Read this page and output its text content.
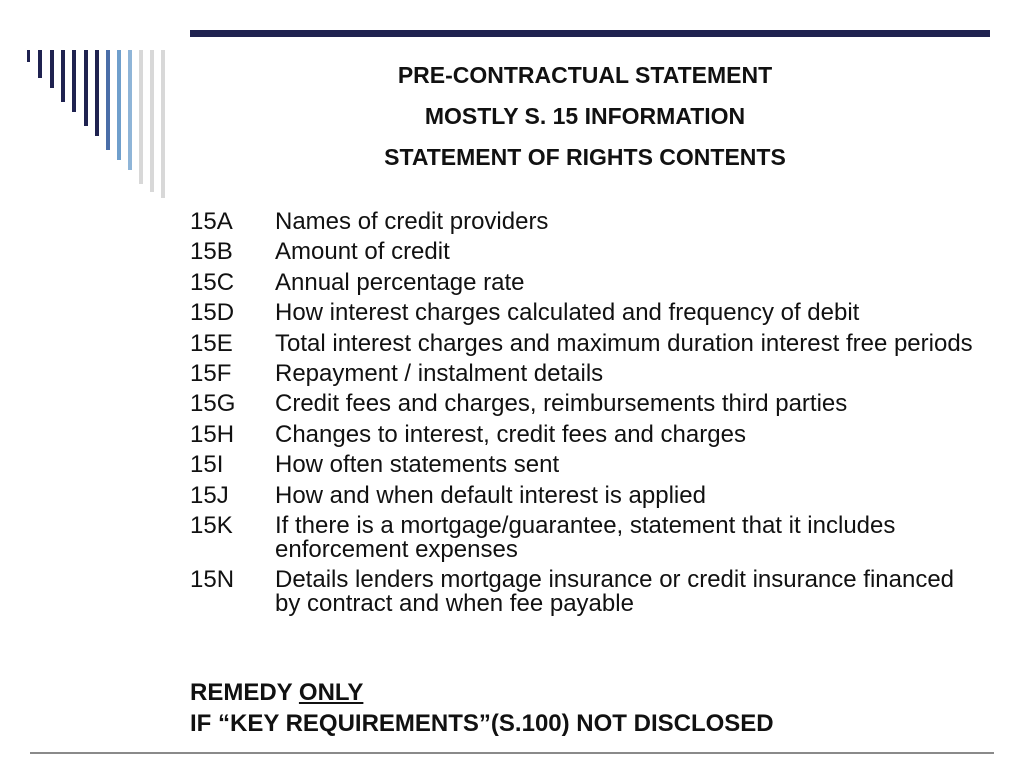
PRE-CONTRACTUAL STATEMENT
MOSTLY S. 15 INFORMATION
STATEMENT OF RIGHTS CONTENTS
15A	Names of credit providers
15B	Amount of credit
15C	Annual percentage rate
15D	How interest charges calculated and frequency of debit
15E	Total interest charges and maximum duration interest free periods
15F	Repayment / instalment details
15G	Credit fees and charges, reimbursements third parties
15H	Changes to interest, credit fees and charges
15I	How often statements sent
15J	How and when default interest is applied
15K	If there is a mortgage/guarantee, statement that it includes enforcement expenses
15N	Details lenders mortgage insurance or credit insurance financed by contract and when fee payable
REMEDY ONLY
IF “KEY REQUIREMENTS”(S.100) NOT DISCLOSED
